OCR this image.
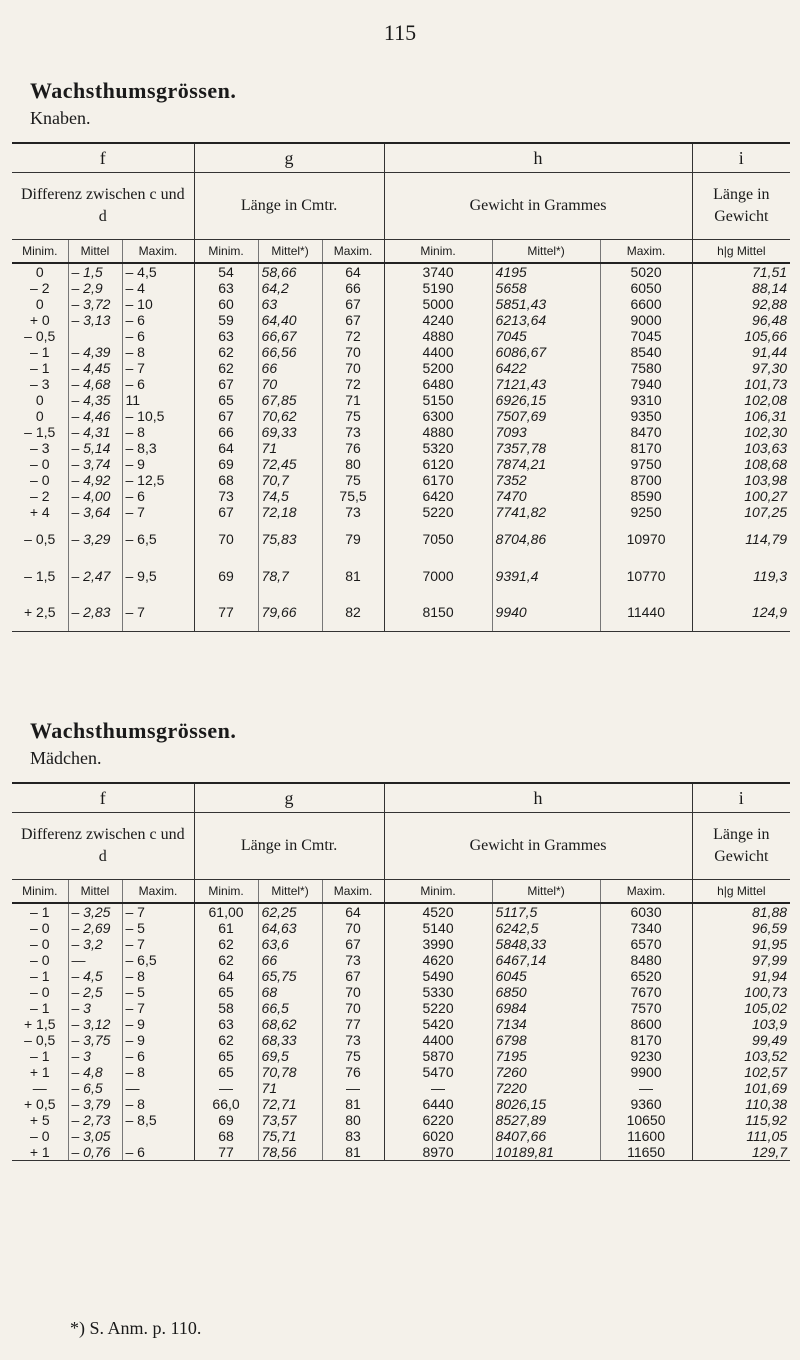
115
Wachsthumsgrössen.
Knaben.
f			g			h			i
Differenz zwischen c und d			Länge in Cmtr.			Gewicht in Grammes			Länge in Gewicht
Minim.	Mittel	Maxim.	Minim.	Mittel*)	Maxim.	Minim.	Mittel*)	Maxim.	h|g Mittel
0	– 1,5	– 4,5	54	58,66	64	3740	4195	5020	71,51
– 2	– 2,9	– 4	63	64,2	66	5190	5658	6050	88,14
0	– 3,72	– 10	60	63	67	5000	5851,43	6600	92,88
+ 0	– 3,13	– 6	59	64,40	67	4240	6213,64	9000	96,48
– 0,5		– 6	63	66,67	72	4880	7045	7045	105,66
– 1	– 4,39	– 8	62	66,56	70	4400	6086,67	8540	91,44
– 1	– 4,45	– 7	62	66	70	5200	6422	7580	97,30
– 3	– 4,68	– 6	67	70	72	6480	7121,43	7940	101,73
0	– 4,35	11	65	67,85	71	5150	6926,15	9310	102,08
0	– 4,46	– 10,5	67	70,62	75	6300	7507,69	9350	106,31
– 1,5	– 4,31	– 8	66	69,33	73	4880	7093	8470	102,30
– 3	– 5,14	– 8,3	64	71	76	5320	7357,78	8170	103,63
– 0	– 3,74	– 9	69	72,45	80	6120	7874,21	9750	108,68
– 0	– 4,92	– 12,5	68	70,7	75	6170	7352	8700	103,98
– 2	– 4,00	– 6	73	74,5	75,5	6420	7470	8590	100,27
+ 4	– 3,64	– 7	67	72,18	73	5220	7741,82	9250	107,25
– 0,5	– 3,29	– 6,5	70	75,83	79	7050	8704,86	10970	114,79
– 1,5	– 2,47	– 9,5	69	78,7	81	7000	9391,4	10770	119,3
+ 2,5	– 2,83	– 7	77	79,66	82	8150	9940	11440	124,9
Wachsthumsgrössen.
Mädchen.
f			g			h			i
Differenz zwischen c und d			Länge in Cmtr.			Gewicht in Grammes			Länge in Gewicht
Minim.	Mittel	Maxim.	Minim.	Mittel*)	Maxim.	Minim.	Mittel*)	Maxim.	h|g Mittel
– 1	– 3,25	– 7	61,00	62,25	64	4520	5117,5	6030	81,88
– 0	– 2,69	– 5	61	64,63	70	5140	6242,5	7340	96,59
– 0	– 3,2	– 7	62	63,6	67	3990	5848,33	6570	91,95
– 0	—	– 6,5	62	66	73	4620	6467,14	8480	97,99
– 1	– 4,5	– 8	64	65,75	67	5490	6045	6520	91,94
– 0	– 2,5	– 5	65	68	70	5330	6850	7670	100,73
– 1	– 3	– 7	58	66,5	70	5220	6984	7570	105,02
+ 1,5	– 3,12	– 9	63	68,62	77	5420	7134	8600	103,9
– 0,5	– 3,75	– 9	62	68,33	73	4400	6798	8170	99,49
– 1	– 3	– 6	65	69,5	75	5870	7195	9230	103,52
+ 1	– 4,8	– 8	65	70,78	76	5470	7260	9900	102,57
—	– 6,5	—	—	71	—	—	7220	—	101,69
+ 0,5	– 3,79	– 8	66,0	72,71	81	6440	8026,15	9360	110,38
+ 5	– 2,73	– 8,5	69	73,57	80	6220	8527,89	10650	115,92
– 0	– 3,05		68	75,71	83	6020	8407,66	11600	111,05
+ 1	– 0,76	– 6	77	78,56	81	8970	10189,81	11650	129,7
*) S. Anm. p. 110.
